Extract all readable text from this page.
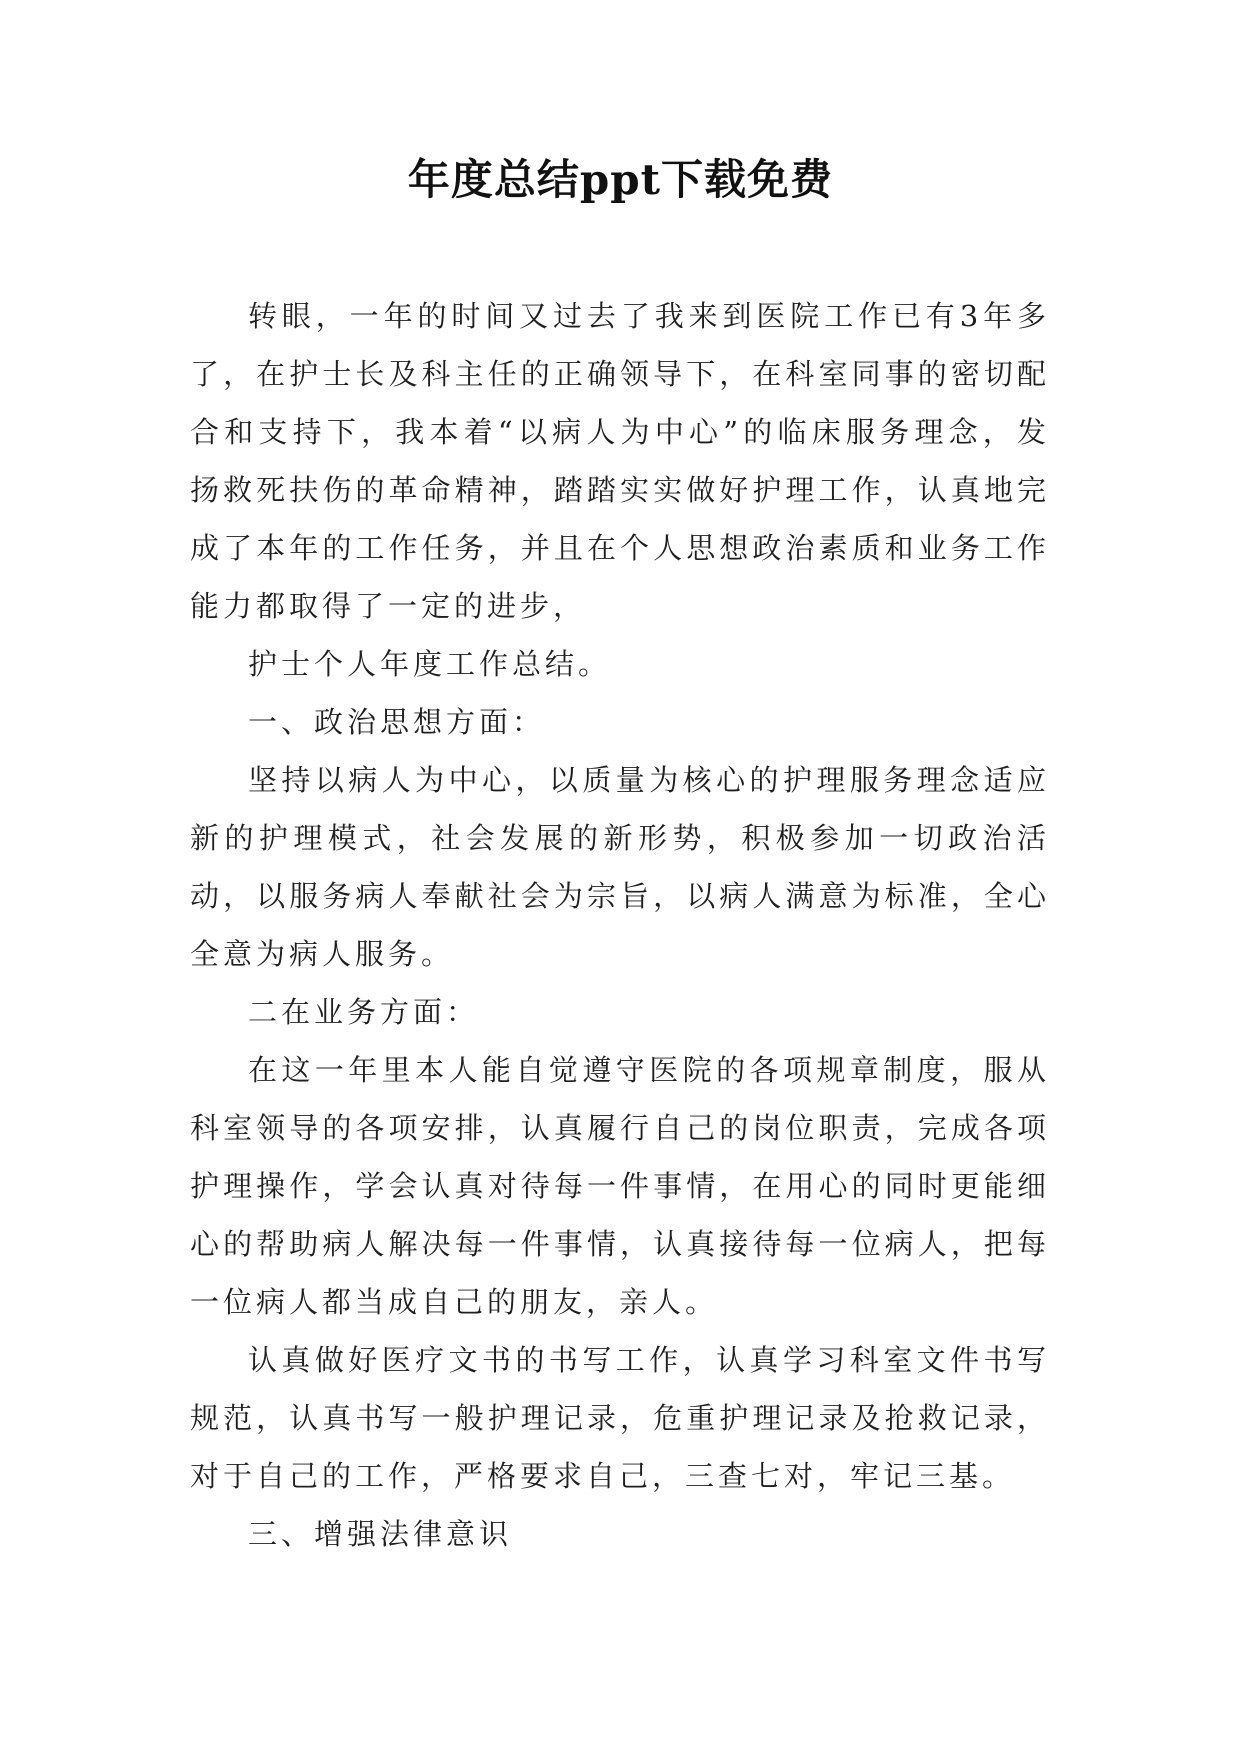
年度总结ppt下载免费

转眼，一年的时间又过去了我来到医院工作已有3年多了，在护士长及科主任的正确领导下，在科室同事的密切配合和支持下，我本着“以病人为中心”的临床服务理念，发扬救死扶伤的革命精神，踏踏实实做好护理工作，认真地完成了本年的工作任务，并且在个人思想政治素质和业务工作能力都取得了一定的进步，

护士个人年度工作总结。

一、政治思想方面：

坚持以病人为中心，以质量为核心的护理服务理念适应新的护理模式，社会发展的新形势，积极参加一切政治活动，以服务病人奉献社会为宗旨，以病人满意为标准，全心全意为病人服务。

二在业务方面：

在这一年里本人能自觉遵守医院的各项规章制度，服从科室领导的各项安排，认真履行自己的岗位职责，完成各项护理操作，学会认真对待每一件事情，在用心的同时更能细心的帮助病人解决每一件事情，认真接待每一位病人，把每一位病人都当成自己的朋友，亲人。

认真做好医疗文书的书写工作，认真学习科室文件书写规范，认真书写一般护理记录，危重护理记录及抢救记录，对于自己的工作，严格要求自己，三查七对，牢记三基。

三、增强法律意识
